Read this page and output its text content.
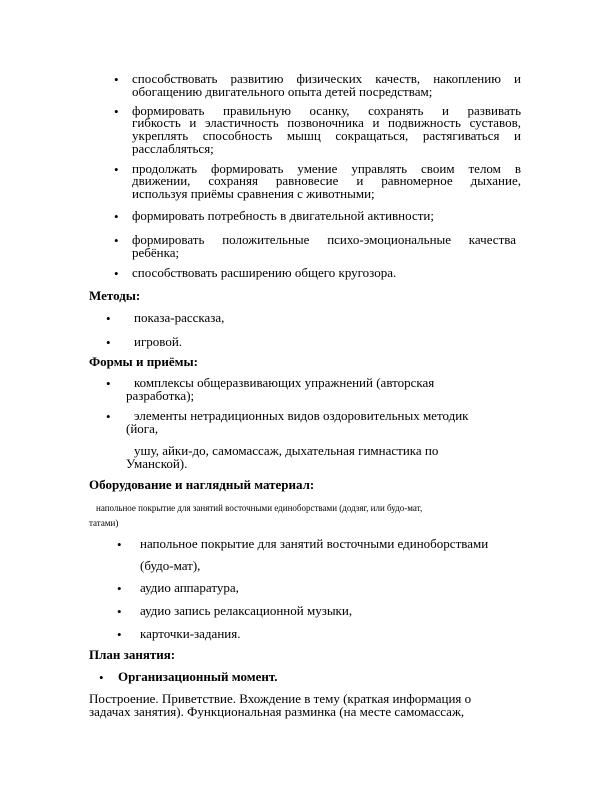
• способствовать развитию физических качеств, накоплению и
обогащению двигательного опыта детей посредствам;
• формировать правильную осанку, сохранять и развивать
гибкость и эластичность позвоночника и подвижность суставов,
укреплять способность мышц сокращаться, растягиваться и
расслабляться;
• продолжать формировать умение управлять своим телом в
движении, сохраняя равновесие и равномерное дыхание,
используя приёмы сравнения с животными;
• формировать потребность в двигательной активности;
• формировать положительные психо-эмоциональные качества
ребёнка;
• способствовать расширению общего кругозора.
Методы:
• показа-рассказа,
• игровой.
Формы и приёмы:
• комплексы общеразвивающих упражнений (авторская
разработка);
• элементы нетрадиционных видов оздоровительных методик
(йога,
ушу, айки-до, самомассаж, дыхательная гимнастика по
Уманской).
Оборудование и наглядный материал:
напольное покрытие для занятий восточными единоборствами (додзяг, или будо-мат,
татами)
• напольное покрытие для занятий восточными единоборствами
(будо-мат),
• аудио аппаратура,
• аудио запись релаксационной музыки,
• карточки-задания.
План занятия:
• Организационный момент.
Построение. Приветствие. Вхождение в тему (краткая информация о
задачах занятия). Функциональная разминка (на месте самомассаж,
